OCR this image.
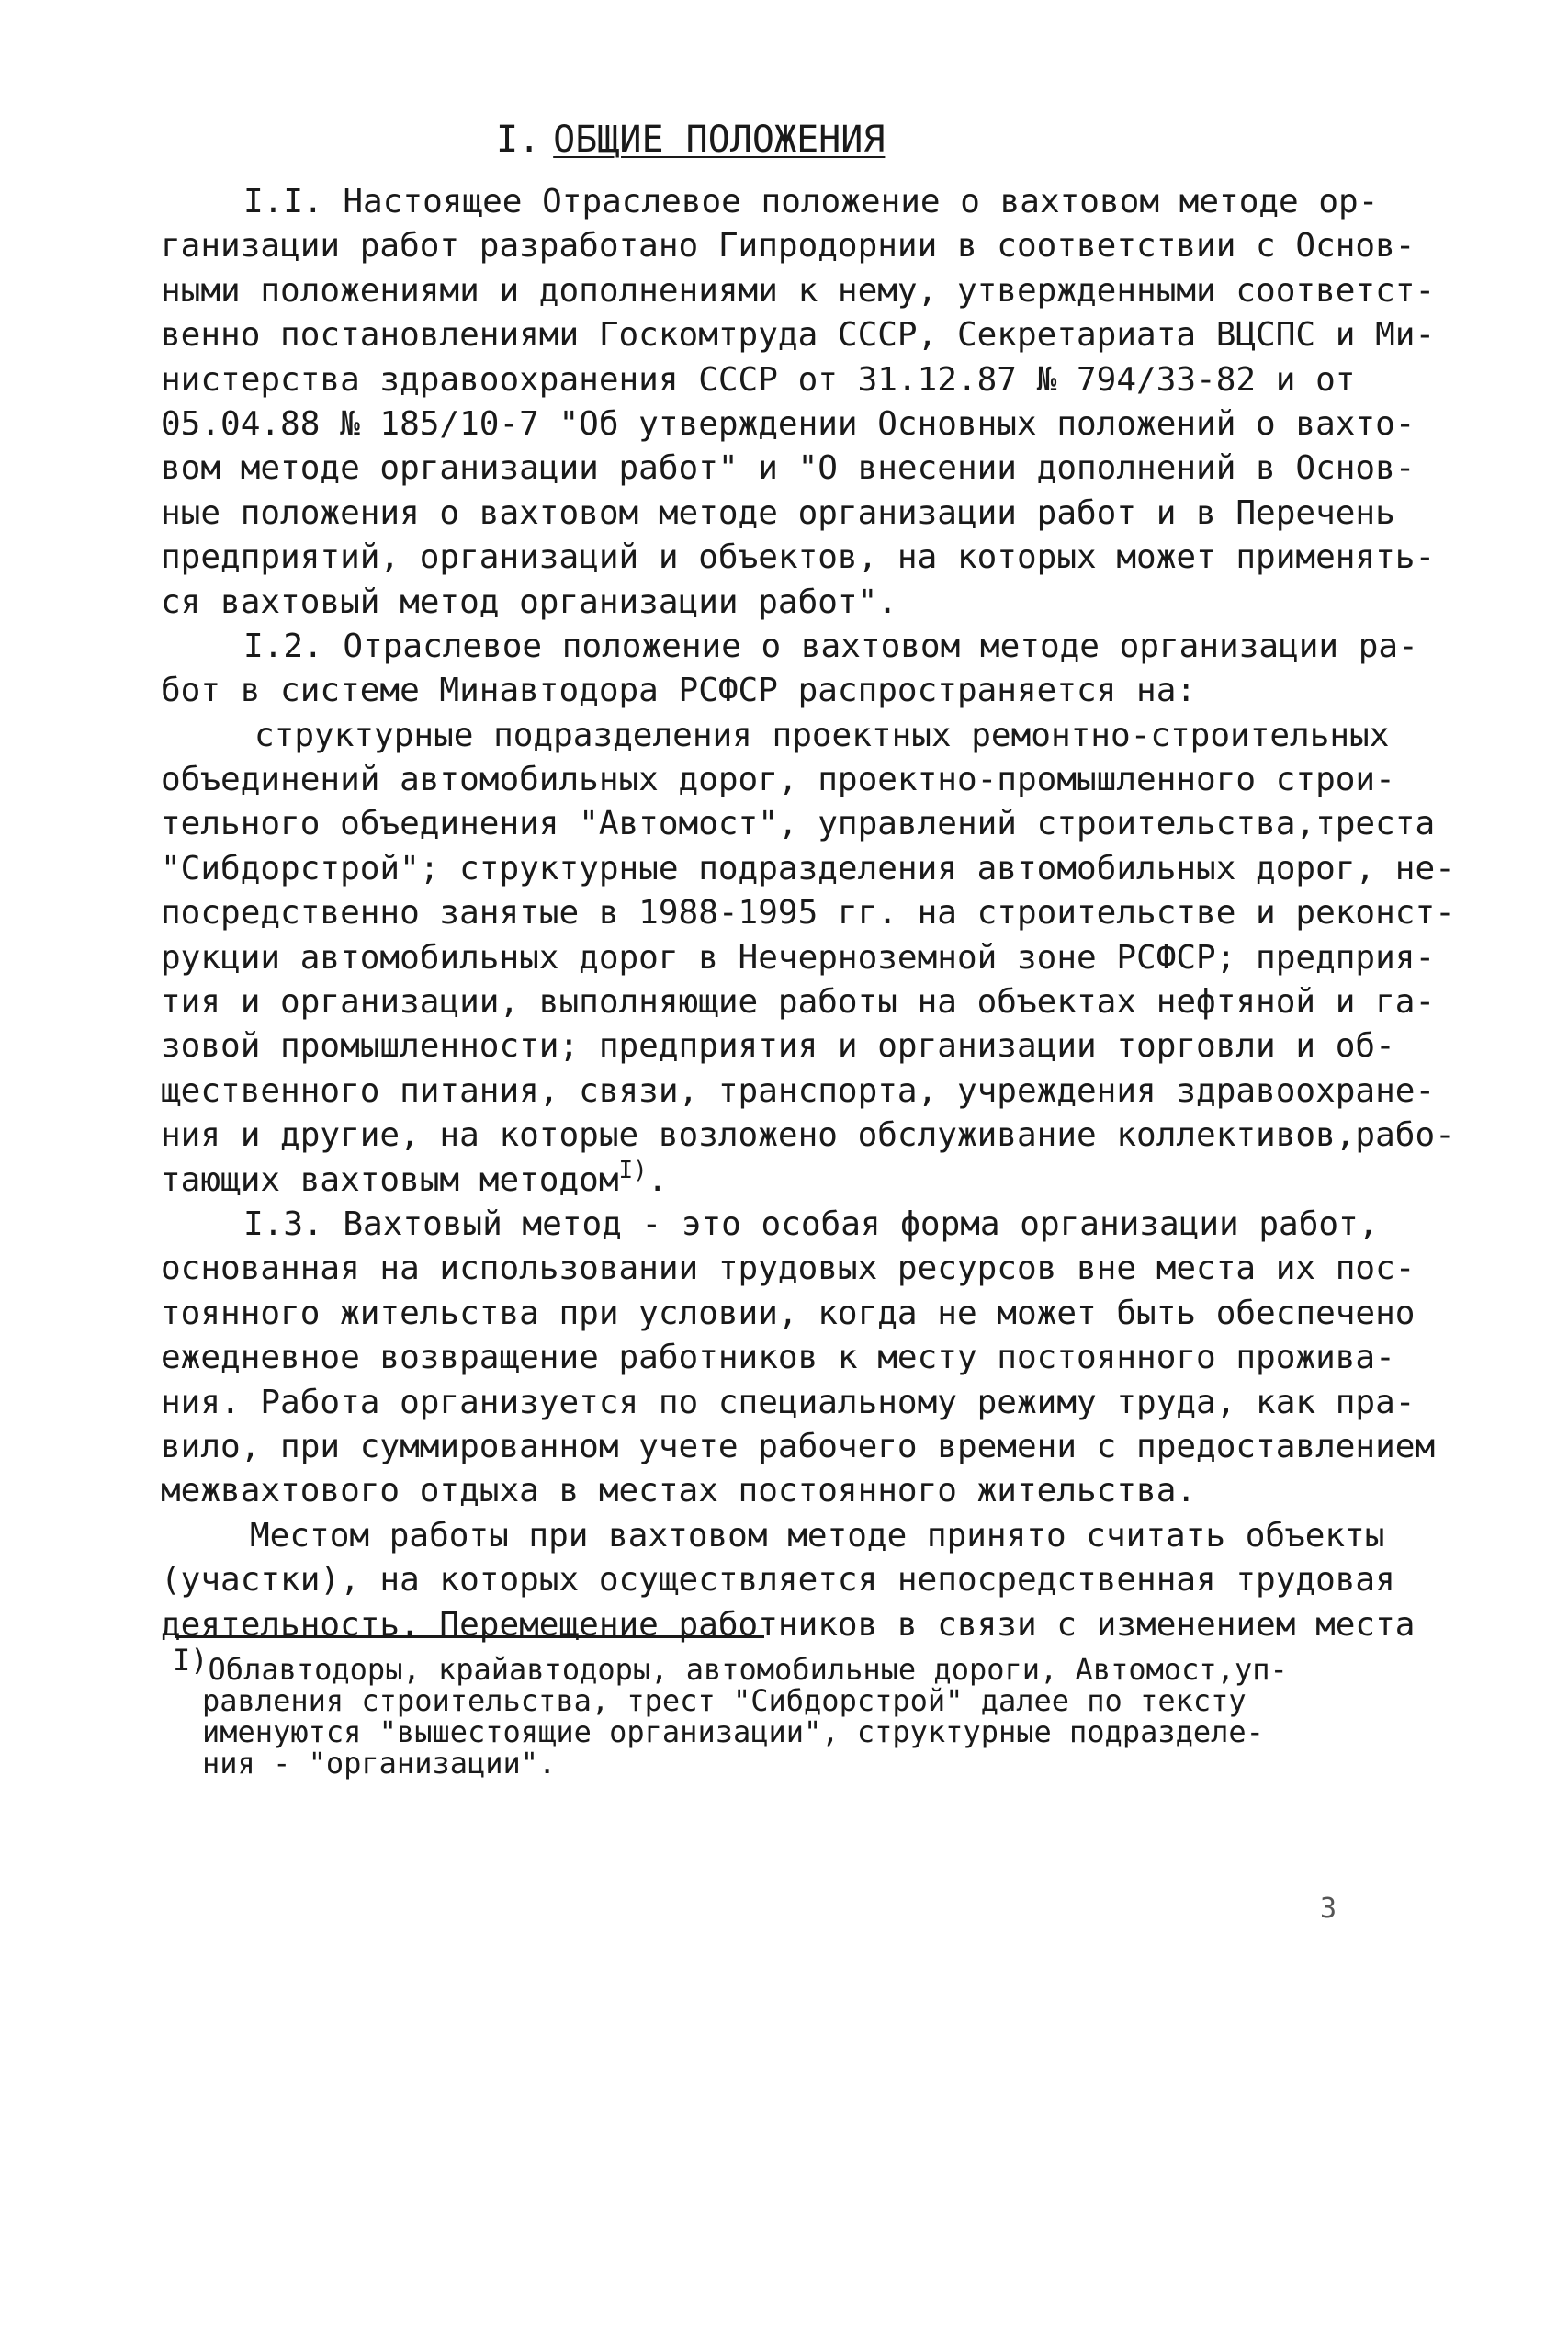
I. ОБЩИЕ ПОЛОЖЕНИЯ
I.I. Настоящее Отраслевое положение о вахтовом методе ор-
ганизации работ разработано Гипродорнии в соответствии с Основ-
ными положениями и дополнениями к нему, утвержденными соответст-
венно постановлениями Госкомтруда СССР, Секретариата ВЦСПС и Ми-
нистерства здравоохранения СССР от 31.12.87 № 794/33-82 и от
05.04.88 № 185/10-7 "Об утверждении Основных положений о вахто-
вом методе организации работ" и "О внесении дополнений в Основ-
ные положения о вахтовом методе организации работ и в Перечень
предприятий, организаций и объектов, на которых может применять-
ся вахтовый метод организации работ".
I.2. Отраслевое положение о вахтовом методе организации ра-
бот в системе Минавтодора РСФСР распространяется на:
структурные подразделения проектных ремонтно-строительных
объединений автомобильных дорог, проектно-промышленного строи-
тельного объединения "Автомост", управлений строительства,треста
"Сибдорстрой"; структурные подразделения автомобильных дорог, не-
посредственно занятые в 1988-1995 гг. на строительстве и реконст-
рукции автомобильных дорог в Нечерноземной зоне РСФСР; предприя-
тия и организации, выполняющие работы на объектах нефтяной и га-
зовой промышленности; предприятия и организации торговли и об-
щественного питания, связи, транспорта, учреждения здравоохране-
ния и другие, на которые возложено обслуживание коллективов,рабо-
тающих вахтовым методом$^{I)}$.
I.3. Вахтовый метод - это особая форма организации работ,
основанная на использовании трудовых ресурсов вне места их пос-
тоянного жительства при условии, когда не может быть обеспечено
ежедневное возвращение работников к месту постоянного прожива-
ния. Работа организуется по специальному режиму труда, как пра-
вило, при суммированном учете рабочего времени с предоставлением
межвахтового отдыха в местах постоянного жительства.
Местом работы при вахтовом методе принято считать объекты
(участки), на которых осуществляется непосредственная трудовая
деятельность. Перемещение работников в связи с изменением места
I)Облавтодоры, крайавтодоры, автомобильные дороги, Автомост,уп-
равления строительства, трест "Сибдорстрой" далее по тексту
именуются "вышестоящие организации", структурные подразделе-
ния - "организации".
3
